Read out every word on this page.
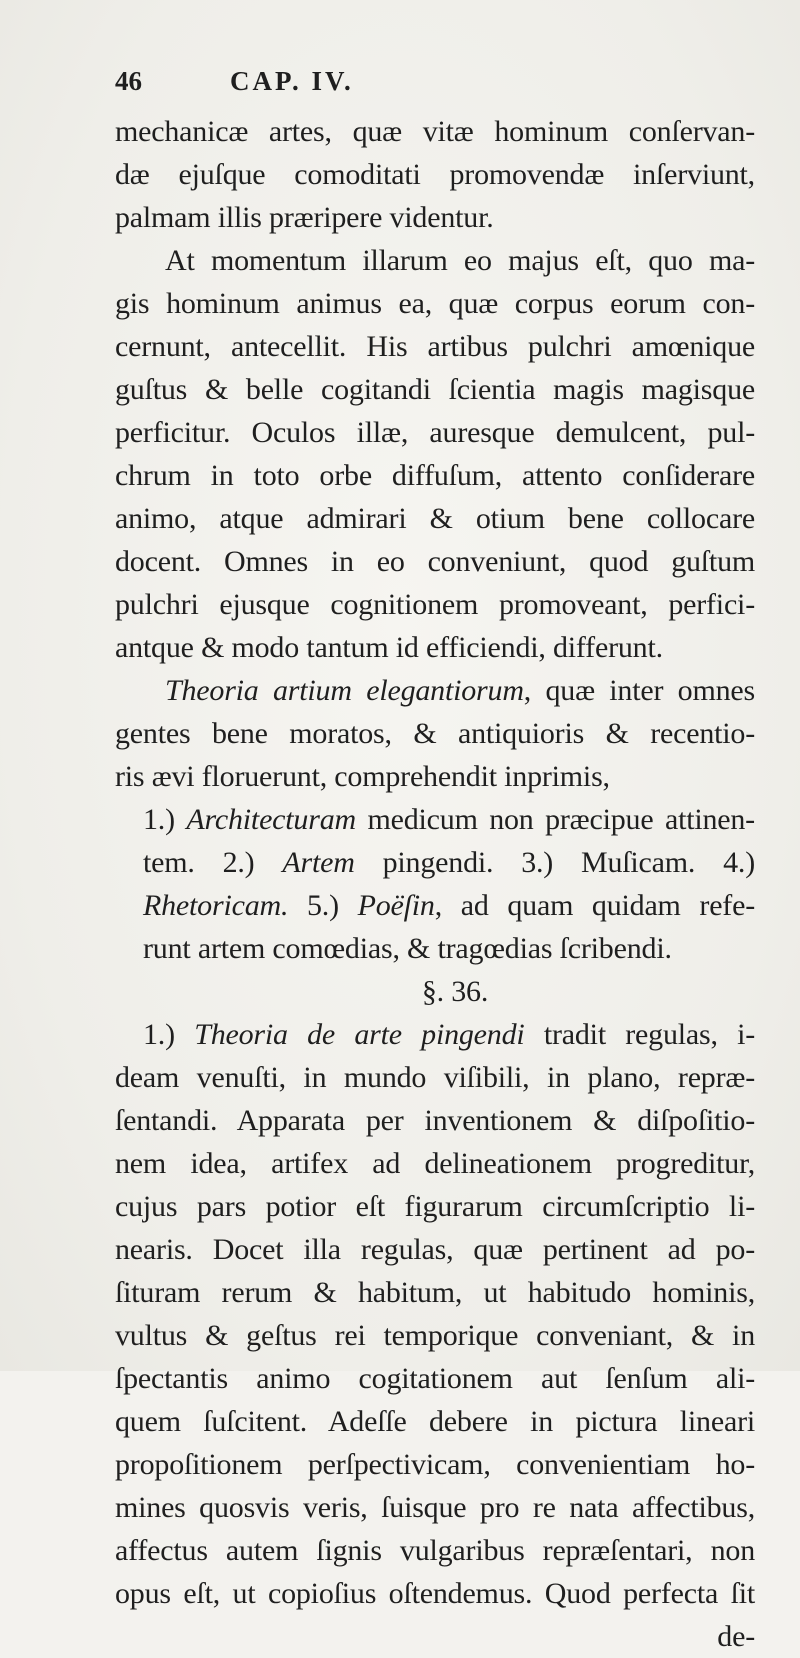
46	CAP. IV.
mechanicæ artes, quæ vitæ hominum conſervan-
dæ ejuſque comoditati promovendæ inſerviunt,
palmam illis præripere videntur.
At momentum illarum eo majus eſt, quo ma-
gis hominum animus ea, quæ corpus eorum con-
cernunt, antecellit. His artibus pulchri amœnique
guſtus & belle cogitandi ſcientia magis magisque
perficitur. Oculos illæ, auresque demulcent, pul-
chrum in toto orbe diffuſum, attento conſiderare
animo, atque admirari & otium bene collocare
docent. Omnes in eo conveniunt, quod guſtum
pulchri ejusque cognitionem promoveant, perfici-
antque & modo tantum id efficiendi, differunt.
Theoria artium elegantiorum, quæ inter omnes
gentes bene moratos, & antiquioris & recentio-
ris ævi floruerunt, comprehendit inprimis,
1.) Architecturam medicum non præcipue attinen-
tem. 2.) Artem pingendi. 3.) Muſicam. 4.)
Rhetoricam. 5.) Poëſin, ad quam quidam refe-
runt artem comœdias, & tragœdias ſcribendi.
§. 36.
1.) Theoria de arte pingendi tradit regulas, i-
deam venuſti, in mundo viſibili, in plano, repræ-
ſentandi. Apparata per inventionem & diſpoſitio-
nem idea, artifex ad delineationem progreditur,
cujus pars potior eſt figurarum circumſcriptio li-
nearis. Docet illa regulas, quæ pertinent ad po-
ſituram rerum & habitum, ut habitudo hominis,
vultus & geſtus rei temporique conveniant, & in
ſpectantis animo cogitationem aut ſenſum ali-
quem ſuſcitent. Adeſſe debere in pictura lineari
propoſitionem perſpectivicam, convenientiam ho-
mines quosvis veris, ſuisque pro re nata affectibus,
affectus autem ſignis vulgaribus repræſentari, non
opus eſt, ut copioſius oſtendemus. Quod perfecta ſit
de-
